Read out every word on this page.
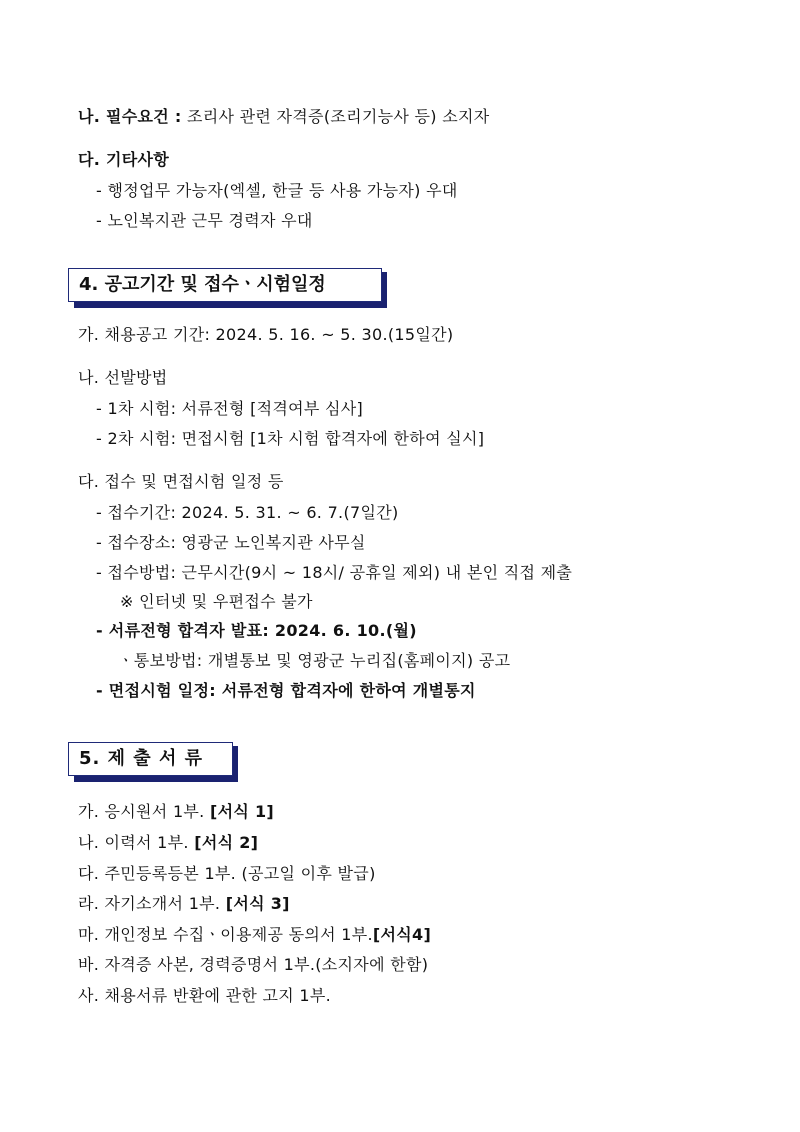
나. 필수요건 : 조리사 관련 자격증(조리기능사 등) 소지자
다. 기타사항
- 행정업무 가능자(엑셀, 한글 등 사용 가능자) 우대
- 노인복지관 근무 경력자 우대
4. 공고기간 및 접수ㆍ시험일정
가. 채용공고 기간: 2024. 5. 16. ~ 5. 30.(15일간)
나. 선발방법
- 1차 시험: 서류전형 [적격여부 심사]
- 2차 시험: 면접시험 [1차 시험 합격자에 한하여 실시]
다. 접수 및 면접시험 일정 등
- 접수기간: 2024. 5. 31. ~ 6. 7.(7일간)
- 접수장소: 영광군 노인복지관 사무실
- 접수방법: 근무시간(9시 ~ 18시/ 공휴일 제외) 내 본인 직접 제출
※ 인터넷 및 우편접수 불가
- 서류전형 합격자 발표: 2024. 6. 10.(월)
ㆍ통보방법: 개별통보 및 영광군 누리집(홈페이지) 공고
- 면접시험 일정: 서류전형 합격자에 한하여 개별통지
5. 제 출 서 류
가. 응시원서 1부. [서식 1]
나. 이력서 1부. [서식 2]
다. 주민등록등본 1부. (공고일 이후 발급)
라. 자기소개서 1부. [서식 3]
마. 개인정보 수집ㆍ이용제공 동의서 1부.[서식4]
바. 자격증 사본, 경력증명서 1부.(소지자에 한함)
사. 채용서류 반환에 관한 고지 1부.
